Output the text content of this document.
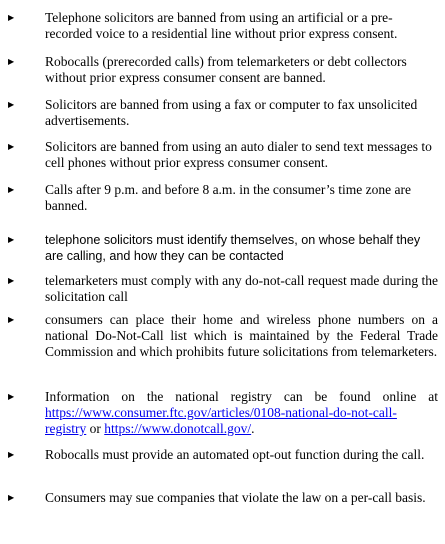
▶ Telephone solicitors are banned from using an artificial or a pre-recorded voice to a residential line without prior express consent.
▶ Robocalls (prerecorded calls) from telemarketers or debt collectors without prior express consumer consent are banned.
▶ Solicitors are banned from using a fax or computer to fax unsolicited advertisements.
▶ Solicitors are banned from using an auto dialer to send text messages to cell phones without prior express consumer consent.
▶ Calls after 9 p.m. and before 8 a.m. in the consumer’s time zone are banned.
▶ telephone solicitors must identify themselves, on whose behalf they are calling, and how they can be contacted
▶ telemarketers must comply with any do-not-call request made during the solicitation call
▶ consumers can place their home and wireless phone numbers on a national Do-Not-Call list which is maintained by the Federal Trade Commission and which prohibits future solicitations from telemarketers.
▶ Information on the national registry can be found online at https://www.consumer.ftc.gov/articles/0108-national-do-not-call-registry or https://www.donotcall.gov/.
▶ Robocalls must provide an automated opt-out function during the call.
▶ Consumers may sue companies that violate the law on a per-call basis.
